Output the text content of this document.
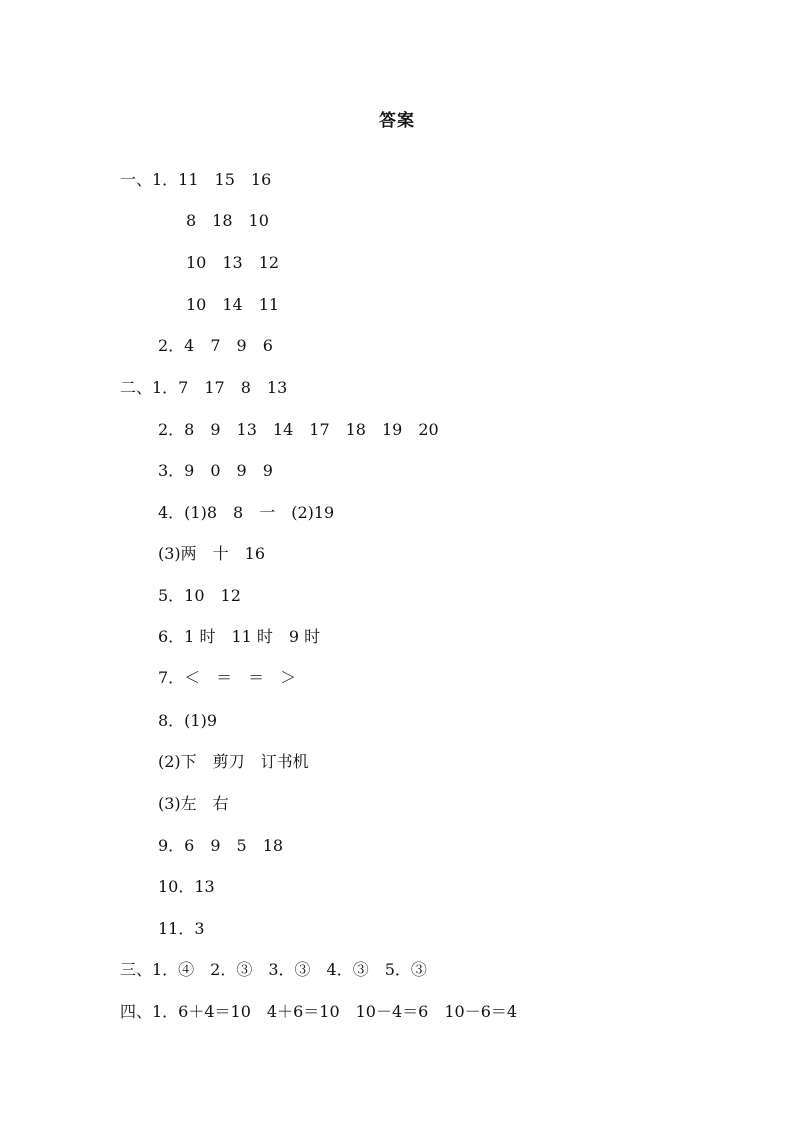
答案
一、1．11　15　16
8　18　10
10　13　12
10　14　11
2．4　7　9　6
二、1．7　17　8　13
2．8　9　13　14　17　18　19　20
3．9　0　9　9
4．(1)8　8　一　(2)19
(3)两　十　16
5．10　12
6．1 时　11 时　9 时
7．＜　＝　＝　＞
8．(1)9
(2)下　剪刀　订书机
(3)左　右
9．6　9　5　18
10．13
11．3
三、1．④　2．③　3．③　4．③　5．③
四、1．6＋4＝10　4＋6＝10　10－4＝6　10－6＝4
